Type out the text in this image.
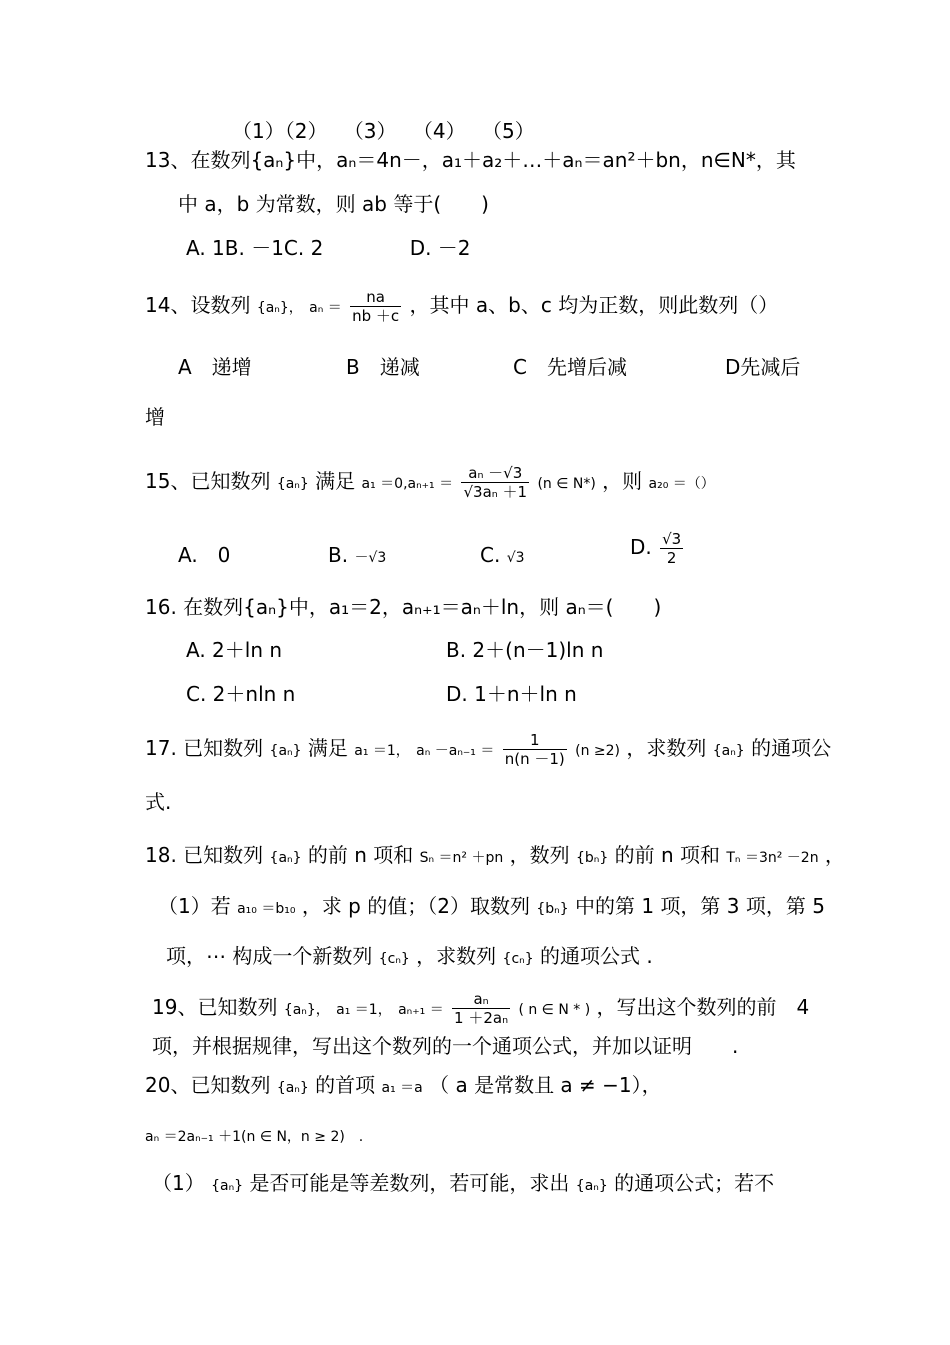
（1）（2）　 （3）　 （4）　 （5）
13、在数列{aₙ}中，aₙ＝4n－，a₁＋a₂＋…＋aₙ＝an²＋bn，n∈N*，其
中 a，b 为常数，则 ab 等于(　　)
A. 1B. －1C. 2　　　　 D. －2
14、设数列 {aₙ}， $a_n = \frac{na}{nb +c}$ ，其中 a、b、c 均为正数，则此数列（）
A　递增	B　递减	C　先增后减	D先减后
增
15、已知数列 {aₙ} 满足 $a_1 =0,a_{n+1} = \frac{\text{aₙ －√3}}{\text{√3aₙ ＋1}} (n$ ∈ N*) ，则 a₂₀ ＝（）
A.　0	B. －√3	C. √3	D. $\frac{√3}{2}$
16. 在数列{aₙ}中，a₁＝2，aₙ₊₁＝aₙ＋ln，则 aₙ＝(　　)
A. 2＋ln n	B. 2＋(n－1)ln n
C. 2＋nln n	D. 1＋n＋ln n
17. 已知数列 {aₙ} 满足 a₁ ＝1， $a_n -a_{n-1} = \frac{1}{n(n -1)} (n \ge 2)$ ，求数列 {aₙ} 的通项公
式.
18. 已知数列 {aₙ} 的前 n 项和 Sₙ ＝n² ＋pn ，数列 {bₙ} 的前 n 项和 Tₙ ＝3n² －2n ，
（1）若 a₁₀ ＝b₁₀ ，求 p 的值；（2）取数列 {bₙ} 中的第 1 项，第 3 项，第 5
项，⋯ 构成一个新数列 {cₙ} ，求数列 {cₙ} 的通项公式 .
19、已知数列 {aₙ}， a₁ ＝1， $a_{n+1} = \frac{\text{aₙ}}{\text{1 ＋2aₙ}}$ ( n ∈ N * ) ，写出这个数列的前　4
项，并根据规律，写出这个数列的一个通项公式，并加以证明　　.
20、已知数列 {aₙ} 的首项 a₁ ＝a （ a 是常数且 a ≠ −1），
aₙ ＝2aₙ₋₁ ＋1(n ∈ N，n ≥ 2)　.
（1） {aₙ} 是否可能是等差数列，若可能，求出 {aₙ} 的通项公式；若不
